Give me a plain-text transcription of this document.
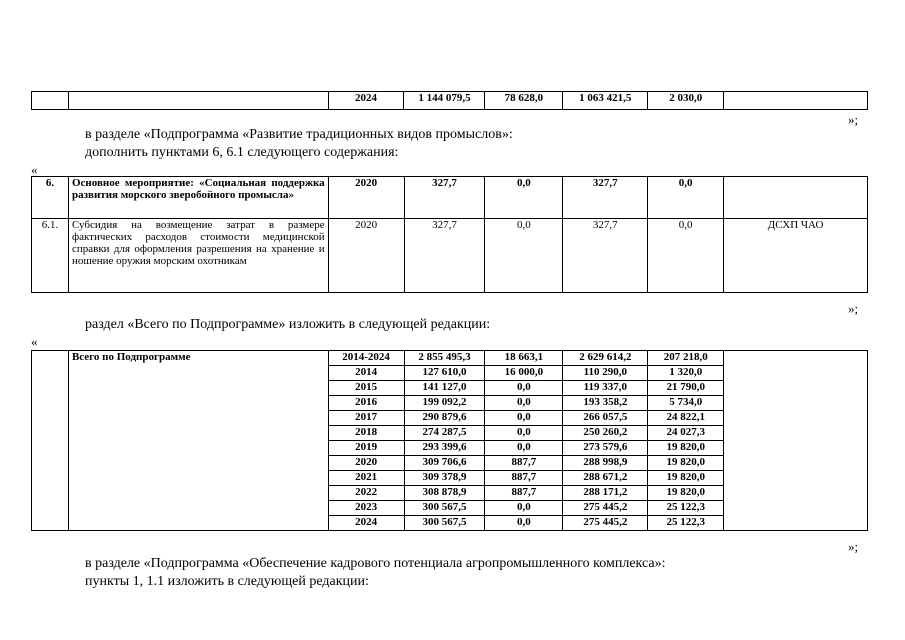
		2024	1 144 079,5	78 628,0	1 063 421,5	2 030,0	
»;
в разделе «Подпрограмма «Развитие традиционных видов промыслов»:
дополнить пунктами 6, 6.1 следующего содержания:
«
6.	Основное мероприятие: «Социальная поддержка развития морского зверобойного промысла»	2020	327,7	0,0	327,7	0,0	
6.1.	Субсидия на возмещение затрат в размере фактических расходов стоимости медицинской справки для оформления разрешения на хранение и ношение оружия морским охотникам	2020	327,7	0,0	327,7	0,0	ДСХП ЧАО
»;
раздел «Всего по Подпрограмме» изложить в следующей редакции:
«
	Всего по Подпрограмме	2014-2024	2 855 495,3	18 663,1	2 629 614,2	207 218,0	
		2014	127 610,0	16 000,0	110 290,0	1 320,0	
		2015	141 127,0	0,0	119 337,0	21 790,0	
		2016	199 092,2	0,0	193 358,2	5 734,0	
		2017	290 879,6	0,0	266 057,5	24 822,1	
		2018	274 287,5	0,0	250 260,2	24 027,3	
		2019	293 399,6	0,0	273 579,6	19 820,0	
		2020	309 706,6	887,7	288 998,9	19 820,0	
		2021	309 378,9	887,7	288 671,2	19 820,0	
		2022	308 878,9	887,7	288 171,2	19 820,0	
		2023	300 567,5	0,0	275 445,2	25 122,3	
		2024	300 567,5	0,0	275 445,2	25 122,3	
»;
в разделе «Подпрограмма «Обеспечение кадрового потенциала агропромышленного комплекса»:
пункты 1, 1.1 изложить в следующей редакции:
